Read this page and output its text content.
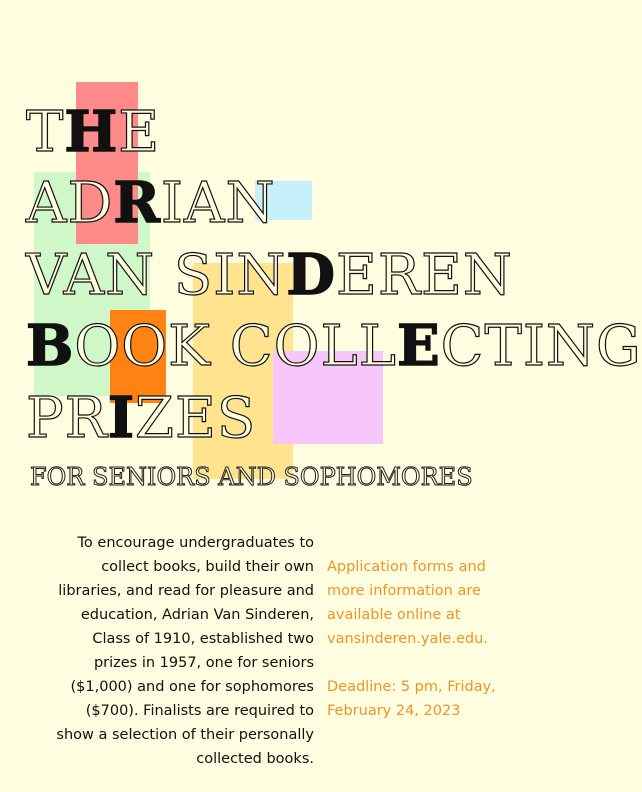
THE
ADRIAN
VAN SINDEREN
BOOK COLLECTING
PRIZES
FOR SENIORS AND SOPHOMORES

To encourage undergraduates to collect books, build their own libraries, and read for pleasure and education, Adrian Van Sinderen, Class of 1910, established two prizes in 1957, one for seniors ($1,000) and one for sophomores ($700). Finalists are required to show a selection of their personally collected books.

Application forms and more information are available online at vansinderen.yale.edu.

Deadline: 5 pm, Friday, February 24, 2023
